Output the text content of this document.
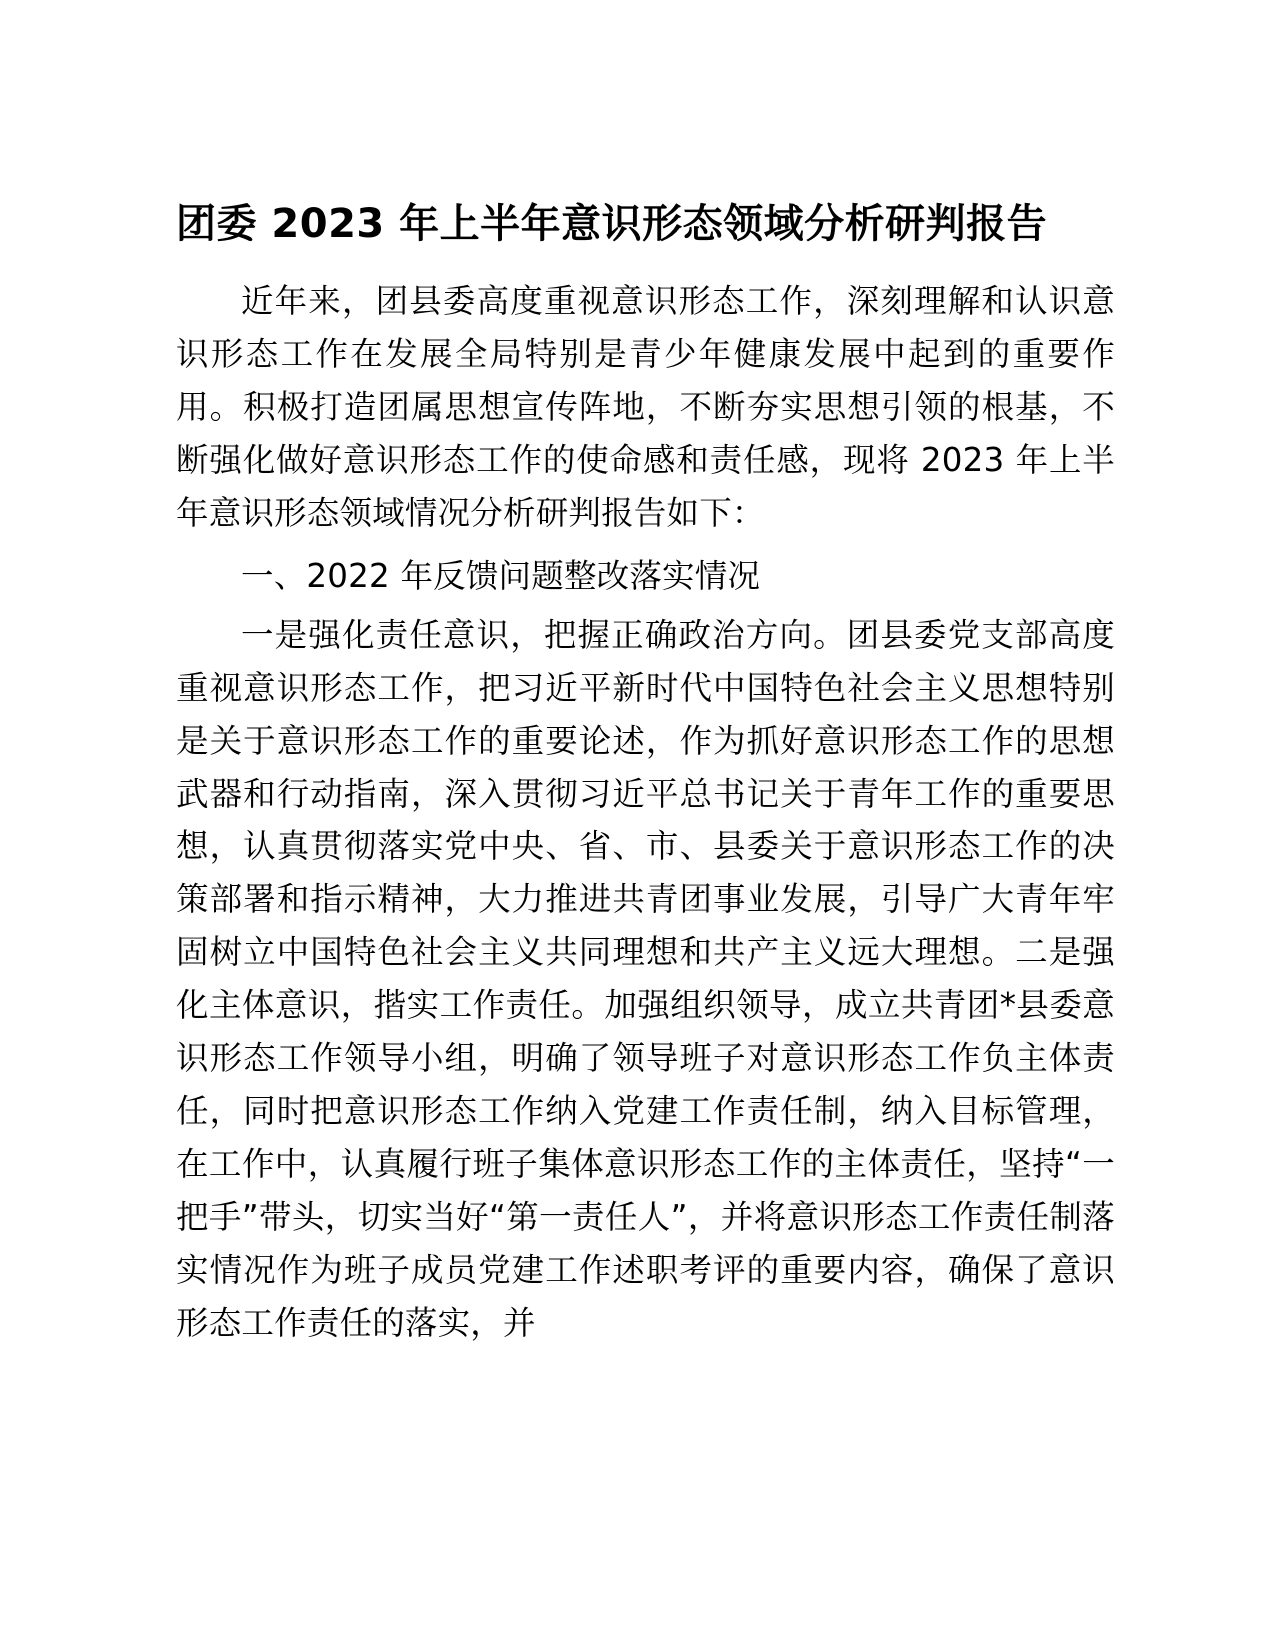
团委 2023 年上半年意识形态领域分析研判报告

近年来，团县委高度重视意识形态工作，深刻理解和认识意识形态工作在发展全局特别是青少年健康发展中起到的重要作用。积极打造团属思想宣传阵地，不断夯实思想引领的根基，不断强化做好意识形态工作的使命感和责任感，现将 2023 年上半年意识形态领域情况分析研判报告如下：

一、2022 年反馈问题整改落实情况

一是强化责任意识，把握正确政治方向。团县委党支部高度重视意识形态工作，把习近平新时代中国特色社会主义思想特别是关于意识形态工作的重要论述，作为抓好意识形态工作的思想武器和行动指南，深入贯彻习近平总书记关于青年工作的重要思想，认真贯彻落实党中央、省、市、县委关于意识形态工作的决策部署和指示精神，大力推进共青团事业发展，引导广大青年牢固树立中国特色社会主义共同理想和共产主义远大理想。二是强化主体意识，揩实工作责任。加强组织领导，成立共青团*县委意识形态工作领导小组，明确了领导班子对意识形态工作负主体责任，同时把意识形态工作纳入党建工作责任制，纳入目标管理，在工作中，认真履行班子集体意识形态工作的主体责任，坚持“一把手”带头，切实当好“第一责任人”，并将意识形态工作责任制落实情况作为班子成员党建工作述职考评的重要内容，确保了意识形态工作责任的落实，并
